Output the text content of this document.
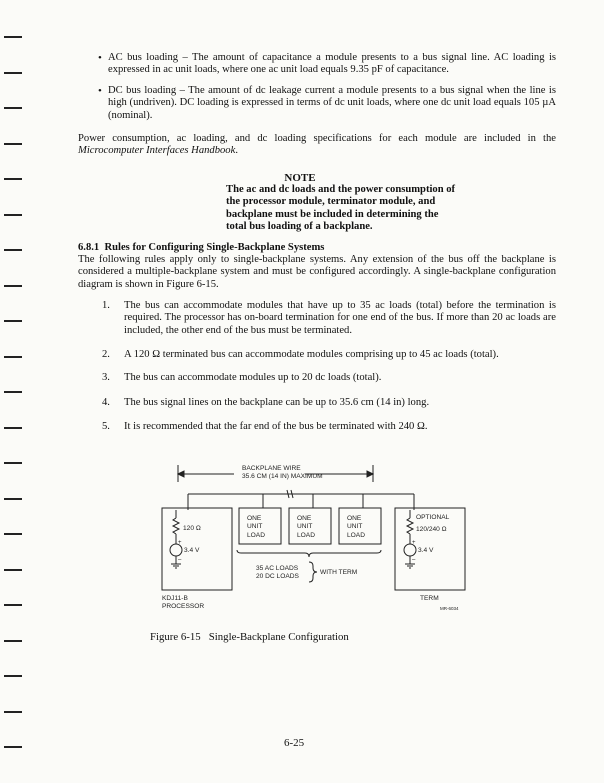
• AC bus loading – The amount of capacitance a module presents to a bus signal line. AC loading is expressed in ac unit loads, where one ac unit load equals 9.35 pF of capacitance.
• DC bus loading – The amount of dc leakage current a module presents to a bus signal when the line is high (undriven). DC loading is expressed in terms of dc unit loads, where one dc unit load equals 105 µA (nominal).
Power consumption, ac loading, and dc loading specifications for each module are included in the Microcomputer Interfaces Handbook.
NOTE
The ac and dc loads and the power consumption of the processor module, terminator module, and backplane must be included in determining the total bus loading of a backplane.
6.8.1 Rules for Configuring Single-Backplane Systems
The following rules apply only to single-backplane systems. Any extension of the bus off the backplane is considered a multiple-backplane system and must be configured accordingly. A single-backplane configuration diagram is shown in Figure 6-15.
1. The bus can accommodate modules that have up to 35 ac loads (total) before the termination is required. The processor has on-board termination for one end of the bus. If more than 20 ac loads are included, the other end of the bus must be terminated.
2. A 120 Ω terminated bus can accommodate modules comprising up to 45 ac loads (total).
3. The bus can accommodate modules up to 20 dc loads (total).
4. The bus signal lines on the backplane can be up to 35.6 cm (14 in) long.
5. It is recommended that the far end of the bus be terminated with 240 Ω.
BACKPLANE WIRE
35.6 CM (14 IN) MAXIMUM
120 Ω
+
–
3.4 V
ONE
UNIT
LOAD
ONE
UNIT
LOAD
ONE
UNIT
LOAD
35 AC LOADS
20 DC LOADS
WITH TERM
OPTIONAL
120/240 Ω
+
–
3.4 V
KDJ11-B
PROCESSOR
TERM
MR-6034
Figure 6-15   Single-Backplane Configuration
6-25
